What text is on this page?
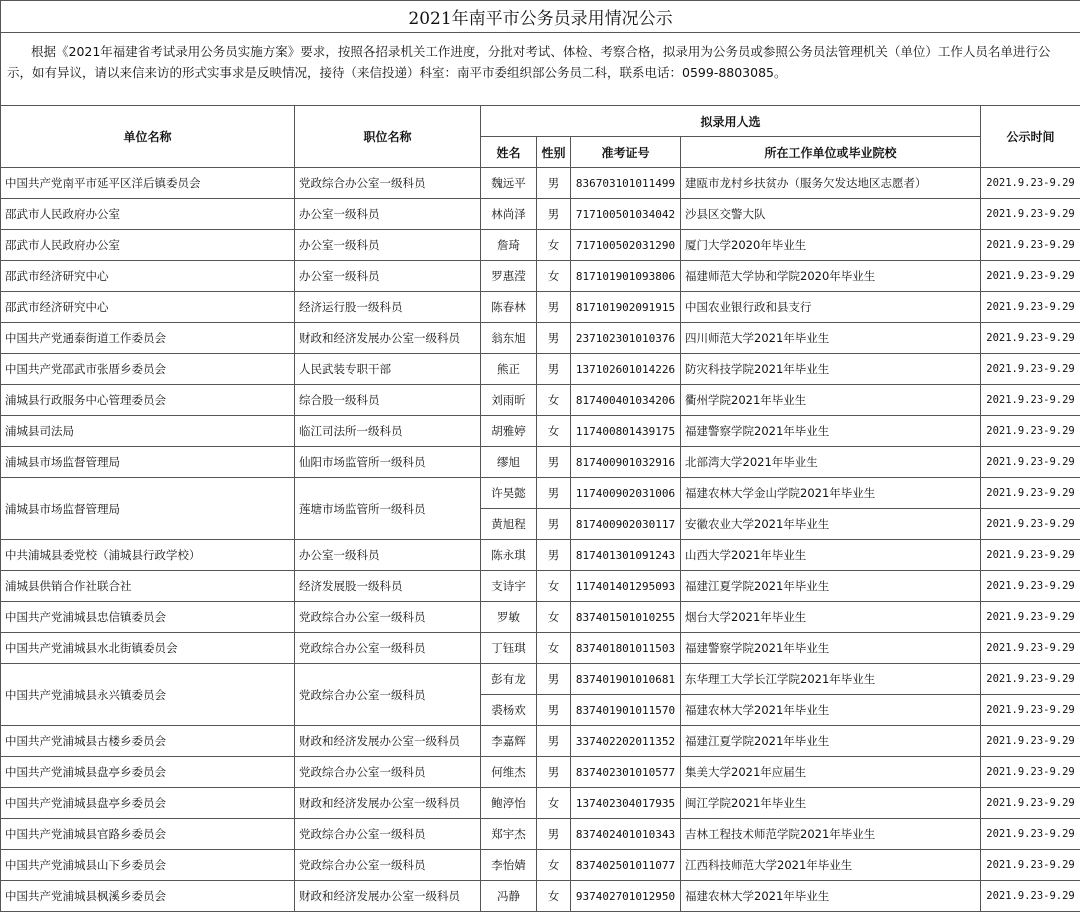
2021年南平市公务员录用情况公示						
根据《2021年福建省考试录用公务员实施方案》要求，按照各招录机关工作进度，分批对考试、体检、考察合格，拟录用为公务员或参照公务员法管理机关（单位）工作人员名单进行公示，如有异议，请以来信来访的形式实事求是反映情况，接待（来信投递）科室：南平市委组织部公务员二科，联系电话：0599-8803085。						
单位名称	职位名称	拟录用人选				公示时间
		姓名	性别	准考证号	所在工作单位或毕业院校	
中国共产党南平市延平区洋后镇委员会	党政综合办公室一级科员	魏远平	男	836703101011499	建瓯市龙村乡扶贫办（服务欠发达地区志愿者）	2021.9.23-9.29
邵武市人民政府办公室	办公室一级科员	林尚泽	男	717100501034042	沙县区交警大队	2021.9.23-9.29
邵武市人民政府办公室	办公室一级科员	詹琦	女	717100502031290	厦门大学2020年毕业生	2021.9.23-9.29
邵武市经济研究中心	办公室一级科员	罗惠滢	女	817101901093806	福建师范大学协和学院2020年毕业生	2021.9.23-9.29
邵武市经济研究中心	经济运行股一级科员	陈春林	男	817101902091915	中国农业银行政和县支行	2021.9.23-9.29
中国共产党通泰街道工作委员会	财政和经济发展办公室一级科员	翁东旭	男	237102301010376	四川师范大学2021年毕业生	2021.9.23-9.29
中国共产党邵武市张厝乡委员会	人民武装专职干部	熊正	男	137102601014226	防灾科技学院2021年毕业生	2021.9.23-9.29
浦城县行政服务中心管理委员会	综合股一级科员	刘雨昕	女	817400401034206	衢州学院2021年毕业生	2021.9.23-9.29
浦城县司法局	临江司法所一级科员	胡雅婷	女	117400801439175	福建警察学院2021年毕业生	2021.9.23-9.29
浦城县市场监督管理局	仙阳市场监管所一级科员	缪旭	男	817400901032916	北部湾大学2021年毕业生	2021.9.23-9.29
浦城县市场监督管理局	莲塘市场监管所一级科员	许昊懿	男	117400902031006	福建农林大学金山学院2021年毕业生	2021.9.23-9.29
		黄旭程	男	817400902030117	安徽农业大学2021年毕业生	2021.9.23-9.29
中共浦城县委党校（浦城县行政学校）	办公室一级科员	陈永琪	男	817401301091243	山西大学2021年毕业生	2021.9.23-9.29
浦城县供销合作社联合社	经济发展股一级科员	支诗宇	女	117401401295093	福建江夏学院2021年毕业生	2021.9.23-9.29
中国共产党浦城县忠信镇委员会	党政综合办公室一级科员	罗敏	女	837401501010255	烟台大学2021年毕业生	2021.9.23-9.29
中国共产党浦城县水北街镇委员会	党政综合办公室一级科员	丁钰琪	女	837401801011503	福建警察学院2021年毕业生	2021.9.23-9.29
中国共产党浦城县永兴镇委员会	党政综合办公室一级科员	彭有龙	男	837401901010681	东华理工大学长江学院2021年毕业生	2021.9.23-9.29
		裘杨欢	男	837401901011570	福建农林大学2021年毕业生	2021.9.23-9.29
中国共产党浦城县古楼乡委员会	财政和经济发展办公室一级科员	李嘉辉	男	337402202011352	福建江夏学院2021年毕业生	2021.9.23-9.29
中国共产党浦城县盘亭乡委员会	党政综合办公室一级科员	何维杰	男	837402301010577	集美大学2021年应届生	2021.9.23-9.29
中国共产党浦城县盘亭乡委员会	财政和经济发展办公室一级科员	鲍渟怡	女	137402304017935	闽江学院2021年毕业生	2021.9.23-9.29
中国共产党浦城县官路乡委员会	党政综合办公室一级科员	郑宇杰	男	837402401010343	吉林工程技术师范学院2021年毕业生	2021.9.23-9.29
中国共产党浦城县山下乡委员会	党政综合办公室一级科员	李怡婧	女	837402501011077	江西科技师范大学2021年毕业生	2021.9.23-9.29
中国共产党浦城县枫溪乡委员会	财政和经济发展办公室一级科员	冯静	女	937402701012950	福建农林大学2021年毕业生	2021.9.23-9.29
